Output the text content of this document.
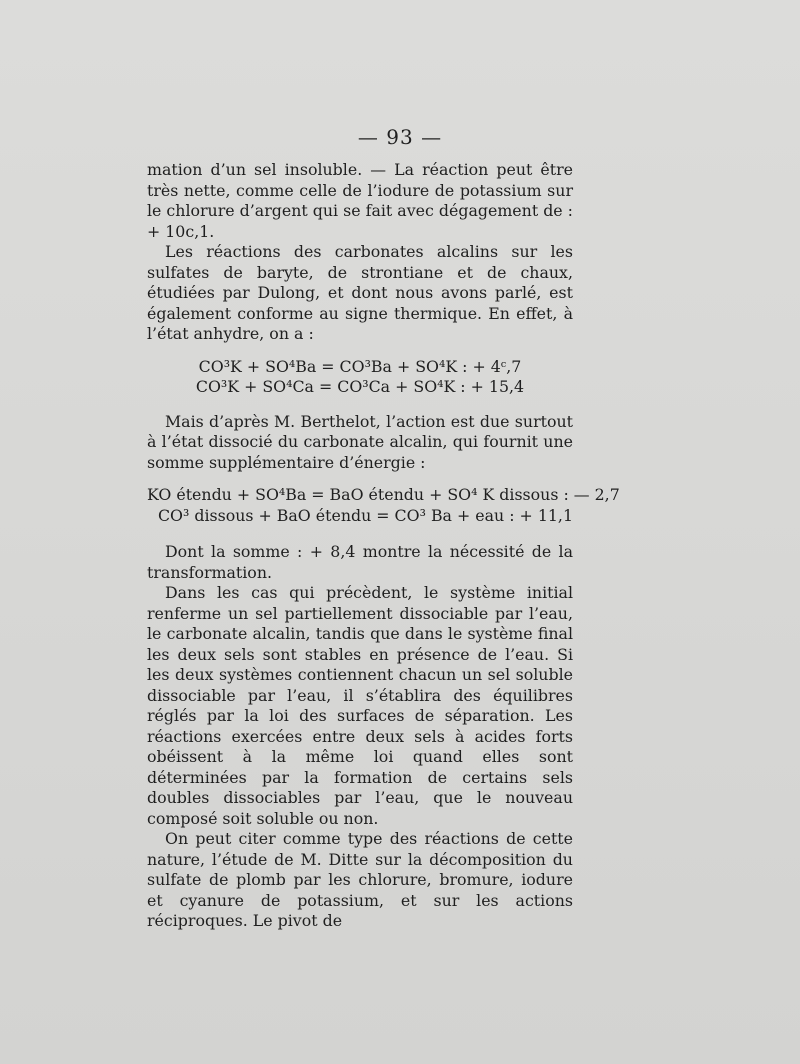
— 93 —

mation d’un sel insoluble. — La réaction peut être très nette, comme celle de l’iodure de potassium sur le chlorure d’argent qui se fait avec dégagement de : + 10c,1.

Les réactions des carbonates alcalins sur les sulfates de baryte, de strontiane et de chaux, étudiées par Dulong, et dont nous avons parlé, est également conforme au signe thermique. En effet, à l’état anhydre, on a :

CO³K + SO⁴Ba = CO³Ba + SO⁴K : + 4ᶜ,7
CO³K + SO⁴Ca = CO³Ca + SO⁴K : + 15,4

Mais d’après M. Berthelot, l’action est due surtout à l’état dissocié du carbonate alcalin, qui fournit une somme supplémentaire d’énergie :

KO étendu + SO⁴Ba = BaO étendu + SO⁴ K dissous : — 2,7
CO³ dissous + BaO étendu = CO³ Ba + eau : + 11,1

Dont la somme : + 8,4 montre la nécessité de la transformation.

Dans les cas qui précèdent, le système initial renferme un sel partiellement dissociable par l’eau, le carbonate alcalin, tandis que dans le système final les deux sels sont stables en présence de l’eau. Si les deux systèmes contiennent chacun un sel soluble dissociable par l’eau, il s’établira des équilibres réglés par la loi des surfaces de séparation. Les réactions exercées entre deux sels à acides forts obéissent à la même loi quand elles sont déterminées par la formation de certains sels doubles dissociables par l’eau, que le nouveau composé soit soluble ou non.

On peut citer comme type des réactions de cette nature, l’étude de M. Ditte sur la décomposition du sulfate de plomb par les chlorure, bromure, iodure et cyanure de potassium, et sur les actions réciproques. Le pivot de
